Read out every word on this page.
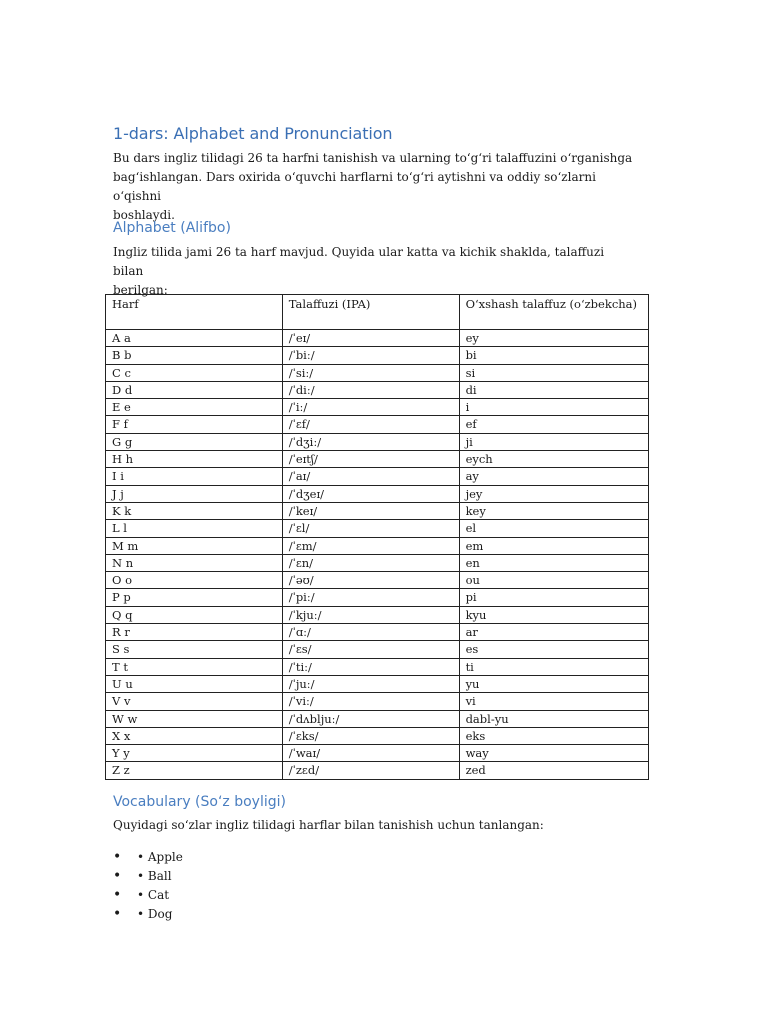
1-dars: Alphabet and Pronunciation
Bu dars ingliz tilidagi 26 ta harfni tanishish va ularning to‘g‘ri talaffuzini o‘rganishga
bag‘ishlangan. Dars oxirida o‘quvchi harflarni to‘g‘ri aytishni va oddiy so‘zlarni o‘qishni
boshlaydi.
Alphabet (Alifbo)
Ingliz tilida jami 26 ta harf mavjud. Quyida ular katta va kichik shaklda, talaffuzi bilan
berilgan:
Harf	Talaffuzi (IPA)	O‘xshash talaffuz (o‘zbekcha)
A a	/ˈeɪ/	ey
B b	/ˈbiː/	bi
C c	/ˈsiː/	si
D d	/ˈdiː/	di
E e	/ˈiː/	i
F f	/ˈɛf/	ef
G g	/ˈdʒiː/	ji
H h	/ˈeɪtʃ/	eych
I i	/ˈaɪ/	ay
J j	/ˈdʒeɪ/	jey
K k	/ˈkeɪ/	key
L l	/ˈɛl/	el
M m	/ˈɛm/	em
N n	/ˈɛn/	en
O o	/ˈəʊ/	ou
P p	/ˈpiː/	pi
Q q	/ˈkjuː/	kyu
R r	/ˈɑː/	ar
S s	/ˈɛs/	es
T t	/ˈtiː/	ti
U u	/ˈjuː/	yu
V v	/ˈviː/	vi
W w	/ˈdʌbljuː/	dabl-yu
X x	/ˈɛks/	eks
Y y	/ˈwaɪ/	way
Z z	/ˈzɛd/	zed
Vocabulary (So‘z boyligi)
Quyidagi so‘zlar ingliz tilidagi harflar bilan tanishish uchun tanlangan:
• • Apple
• • Ball
• • Cat
• • Dog
